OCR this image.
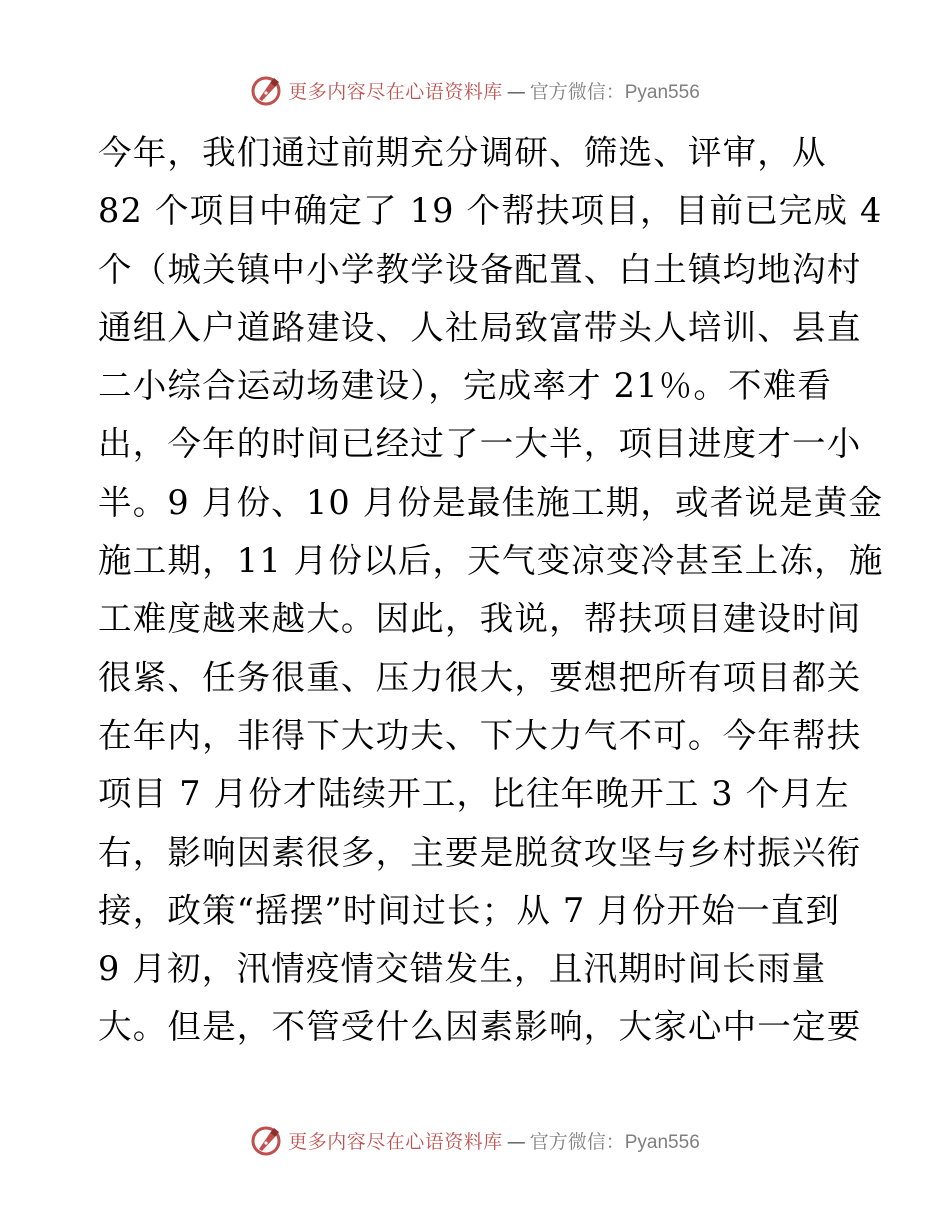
更多内容尽在心语资料库 — 官方微信： Pyan556
今年，我们通过前期充分调研、筛选、评审，从
82 个项目中确定了 19 个帮扶项目，目前已完成 4
个（城关镇中小学教学设备配置、白土镇均地沟村
通组入户道路建设、人社局致富带头人培训、县直
二小综合运动场建设），完成率才 21％。不难看
出，今年的时间已经过了一大半，项目进度才一小
半。9 月份、10 月份是最佳施工期，或者说是黄金
施工期，11 月份以后，天气变凉变冷甚至上冻，施
工难度越来越大。因此，我说，帮扶项目建设时间
很紧、任务很重、压力很大，要想把所有项目都关
在年内，非得下大功夫、下大力气不可。今年帮扶
项目 7 月份才陆续开工，比往年晚开工 3 个月左
右，影响因素很多，主要是脱贫攻坚与乡村振兴衔
接，政策“摇摆”时间过长；从 7 月份开始一直到
9 月初，汛情疫情交错发生，且汛期时间长雨量
大。但是，不管受什么因素影响，大家心中一定要
更多内容尽在心语资料库 — 官方微信： Pyan556
